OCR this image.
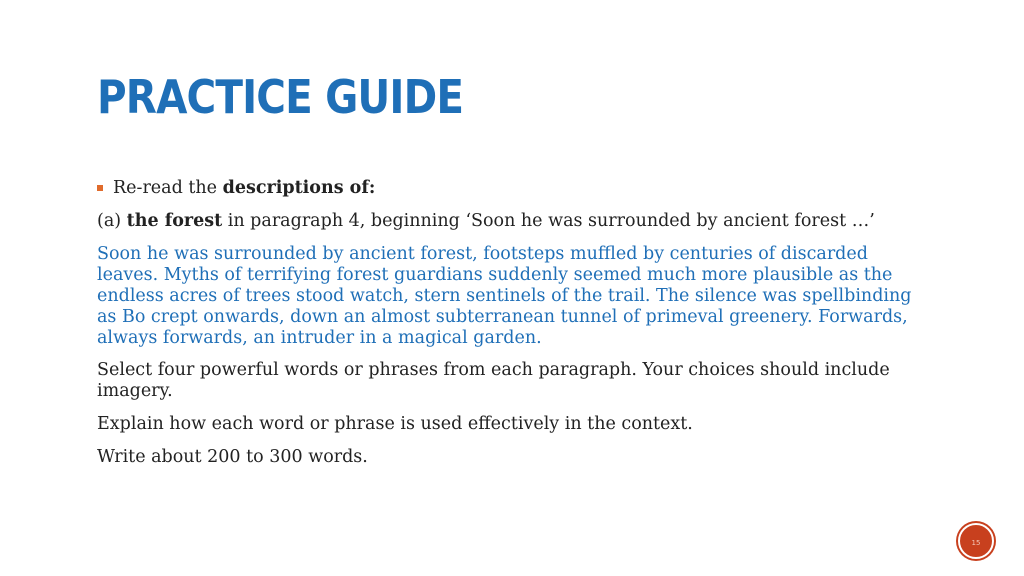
PRACTICE GUIDE
Re-read the descriptions of:

(a) the forest in paragraph 4, beginning ‘Soon he was surrounded by ancient forest …’

Soon he was surrounded by ancient forest, footsteps muffled by centuries of discarded leaves. Myths of terrifying forest guardians suddenly seemed much more plausible as the endless acres of trees stood watch, stern sentinels of the trail. The silence was spellbinding as Bo crept onwards, down an almost subterranean tunnel of primeval greenery. Forwards, always forwards, an intruder in a magical garden.

Select four powerful words or phrases from each paragraph. Your choices should include imagery.

Explain how each word or phrase is used effectively in the context.

Write about 200 to 300 words.

15
